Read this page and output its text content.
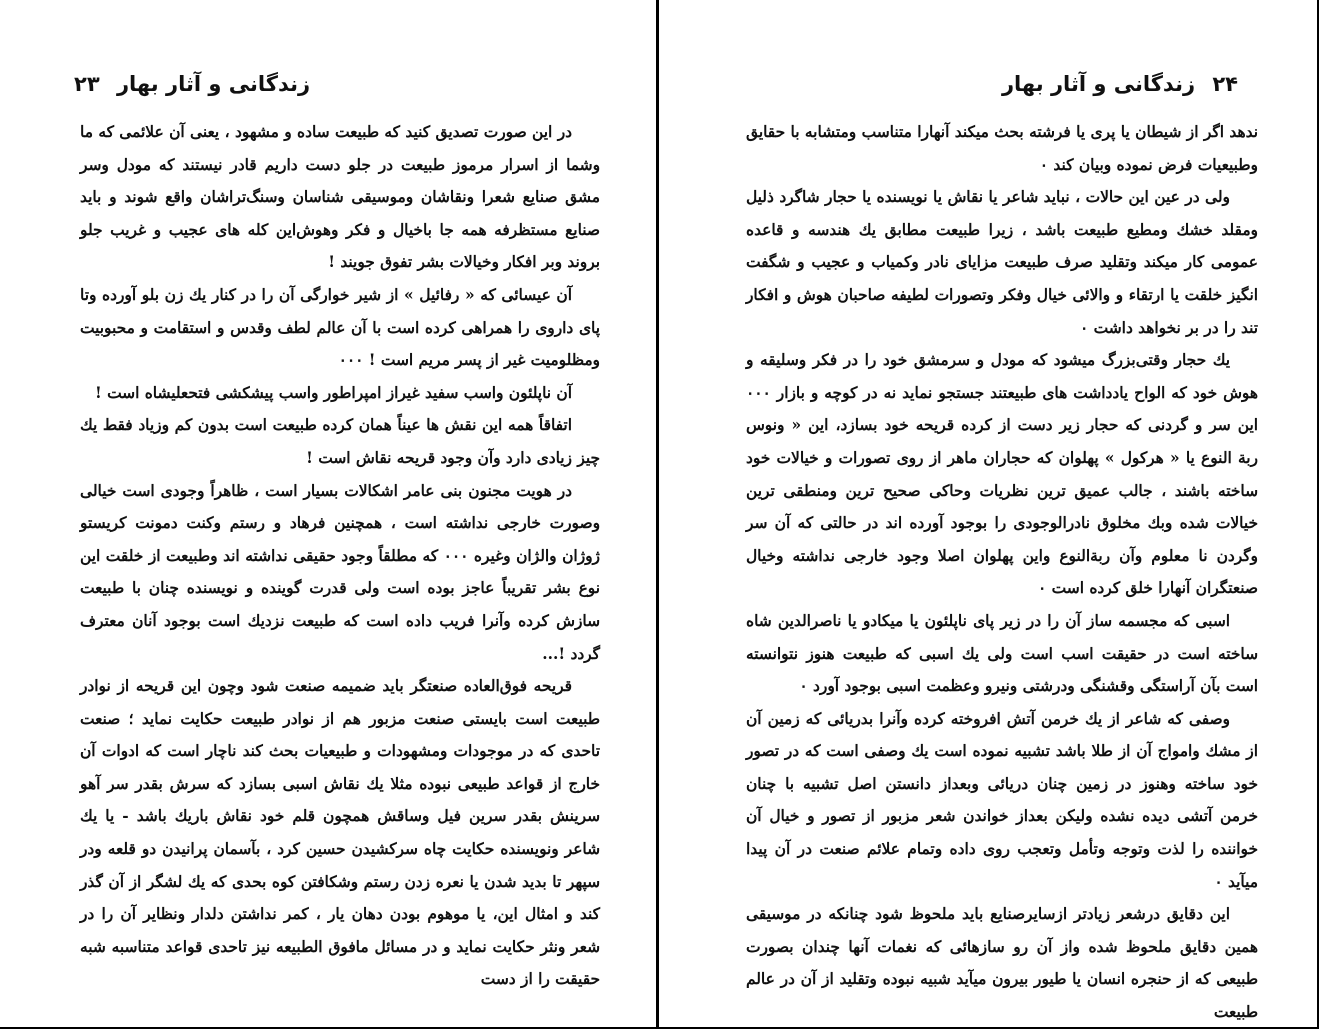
زندگانی و آثار بهار ۲۳

در این صورت تصدیق کنید که طبیعت ساده و مشهود ، یعنی آن علائمی که ما وشما از اسرار مرموز طبیعت در جلو دست داریم قادر نیستند که مودل وسر مشق صنایع شعرا ونقاشان وموسیقی شناسان وسنگ‌تراشان واقع شوند و باید صنایع مستظرفه همه جا باخیال و فکر وهوش‌این کله های عجیب و غریب جلو بروند وبر افکار وخیالات بشر تفوق جویند !

آن عیسائی که « رفائیل » از شیر خوارگی آن را در کنار یك زن بلو آورده وتا پای داروی را همراهی کرده است با آن عالم لطف وقدس و استقامت و محبوبیت ومظلومیت غیر از پسر مریم است ! ۰۰۰

آن ناپلئون واسب سفید غیراز امپراطور واسب پیشکشی فتحعلیشاه است !

اتفاقاً همه این نقش ها عیناً همان کرده طبیعت است بدون کم وزیاد فقط یك چیز زیادی دارد وآن وجود قریحه نقاش است !

در هویت مجنون بنی عامر اشکالات بسیار است ، ظاهراً وجودی است خیالی وصورت خارجی نداشته است ، همچنین فرهاد و رستم وکنت دمونت کریستو ژوژان والژان وغیره ۰۰۰ که مطلقاً وجود حقیقی نداشته اند وطبیعت از خلقت این نوع بشر تقریباً عاجز بوده است ولی قدرت گوینده و نویسنده چنان با طبیعت سازش کرده وآنرا فریب داده است که طبیعت نزدیك است بوجود آنان معترف گردد !...

قریحه فوق‌العاده صنعتگر باید ضمیمه صنعت شود وچون این قریحه از نوادر طبیعت است بایستی صنعت مزبور هم از نوادر طبیعت حکایت نماید ؛ صنعت تاحدی که در موجودات ومشهودات و طبیعیات بحث کند ناچار است که ادوات آن خارج از قواعد طبیعی نبوده مثلا یك نقاش اسبی بسازد که سرش بقدر سر آهو سرینش بقدر سرین فیل وساقش همچون قلم خود نقاش باریك باشد - یا یك شاعر ونویسنده حکایت چاه سرکشیدن حسین کرد ، بآسمان پرانیدن دو قلعه ودر سپهر تا بدید شدن یا نعره زدن رستم وشکافتن کوه بحدی که یك لشگر از آن گذر کند و امثال این، یا موهوم بودن دهان یار ، کمر نداشتن دلدار ونظایر آن را در شعر ونثر حکایت نماید و در مسائل مافوق الطبیعه نیز تاحدی قواعد متناسبه شبه حقیقت را از دست

۲۴ زندگانی و آثار بهار

ندهد اگر از شیطان یا پری یا فرشته بحث میکند آنهارا متناسب ومتشابه با حقایق وطبیعیات فرض نموده وبیان کند ۰

ولی در عین این حالات ، نباید شاعر یا نقاش یا نویسنده یا حجار شاگرد ذلیل ومقلد خشك ومطیع طبیعت باشد ، زیرا طبیعت مطابق یك هندسه و قاعده عمومی کار میکند وتقلید صرف طبیعت مزایای نادر وکمیاب و عجیب و شگفت انگیز خلقت یا ارتقاء و والائی خیال وفکر وتصورات لطیفه صاحبان هوش و افکار تند را در بر نخواهد داشت ۰

یك حجار وقتی‌بزرگ میشود که مودل و سرمشق خود را در فکر وسلیقه و هوش خود که الواح یادداشت های طبیعتند جستجو نماید نه در کوچه و بازار ۰۰۰ این سر و گردنی که حجار زیر دست از کرده قریحه خود بسازد، این « ونوس ربة النوع یا « هرکول » پهلوان که حجاران ماهر از روی تصورات و خیالات خود ساخته باشند ، جالب عمیق ترین نظریات وحاکی صحیح ترین ومنطقی ترین خیالات شده وبك مخلوق نادرالوجودی را بوجود آورده اند در حالتی که آن سر وگردن نا معلوم وآن ربةالنوع واین پهلوان اصلا وجود خارجی نداشته وخیال صنعتگران آنهارا خلق کرده است ۰

اسبی که مجسمه ساز آن را در زیر پای ناپلئون یا میکادو یا ناصرالدین شاه ساخته است در حقیقت اسب است ولی یك اسبی که طبیعت هنوز نتوانسته است بآن آراستگی وقشنگی ودرشتی ونیرو وعظمت اسبی بوجود آورد ۰

وصفی که شاعر از یك خرمن آتش افروخته کرده وآنرا بدریائی که زمین آن از مشك وامواج آن از طلا باشد تشبیه نموده است یك وصفی است که در تصور خود ساخته وهنوز در زمین چنان دریائی وبعداز دانستن اصل تشبیه با چنان خرمن آتشی دیده نشده ولیکن بعداز خواندن شعر مزبور از تصور و خیال آن خواننده را لذت وتوجه وتأمل وتعجب روی داده وتمام علائم صنعت در آن پیدا میآید ۰

این دقایق درشعر زیادتر ازسایرصنایع باید ملحوظ شود چنانکه در موسیقی همین دقایق ملحوظ شده واز آن رو سازهائی که نغمات آنها چندان بصورت طبیعی که از حنجره انسان یا طیور بیرون میآید شبیه نبوده وتقلید از آن در عالم طبیعت
